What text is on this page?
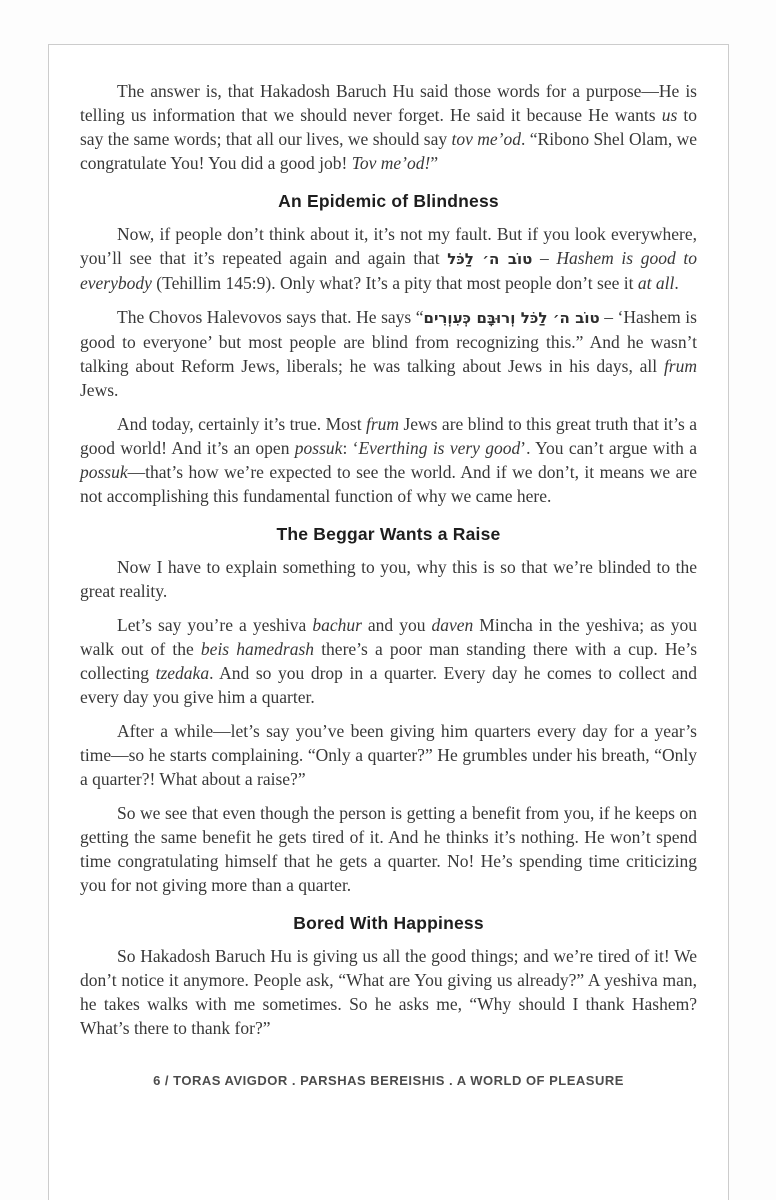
The answer is, that Hakadosh Baruch Hu said those words for a purpose—He is telling us information that we should never forget. He said it because He wants us to say the same words; that all our lives, we should say tov me’od. “Ribono Shel Olam, we congratulate You! You did a good job! Tov me’od!”

An Epidemic of Blindness

Now, if people don’t think about it, it’s not my fault. But if you look everywhere, you’ll see that it’s repeated again and again that טוֹב ה׳ לַכֹּל – Hashem is good to everybody (Tehillim 145:9). Only what? It’s a pity that most people don’t see it at all.

The Chovos Halevovos says that. He says “טוֹב ה׳ לַכֹּל וְרוּבָּם כְּעִוְרִים – ‘Hashem is good to everyone’ but most people are blind from recognizing this.” And he wasn’t talking about Reform Jews, liberals; he was talking about Jews in his days, all frum Jews.

And today, certainly it’s true. Most frum Jews are blind to this great truth that it’s a good world! And it’s an open possuk: ‘Everthing is very good’. You can’t argue with a possuk—that’s how we’re expected to see the world. And if we don’t, it means we are not accomplishing this fundamental function of why we came here.

The Beggar Wants a Raise

Now I have to explain something to you, why this is so that we’re blinded to the great reality.

Let’s say you’re a yeshiva bachur and you daven Mincha in the yeshiva; as you walk out of the beis hamedrash there’s a poor man standing there with a cup. He’s collecting tzedaka. And so you drop in a quarter. Every day he comes to collect and every day you give him a quarter.

After a while—let’s say you’ve been giving him quarters every day for a year’s time—so he starts complaining. “Only a quarter?” He grumbles under his breath, “Only a quarter?! What about a raise?”

So we see that even though the person is getting a benefit from you, if he keeps on getting the same benefit he gets tired of it. And he thinks it’s nothing. He won’t spend time congratulating himself that he gets a quarter. No! He’s spending time criticizing you for not giving more than a quarter.

Bored With Happiness

So Hakadosh Baruch Hu is giving us all the good things; and we’re tired of it! We don’t notice it anymore. People ask, “What are You giving us already?” A yeshiva man, he takes walks with me sometimes. So he asks me, “Why should I thank Hashem? What’s there to thank for?”

6 / TORAS AVIGDOR . PARSHAS BEREISHIS . A WORLD OF PLEASURE
